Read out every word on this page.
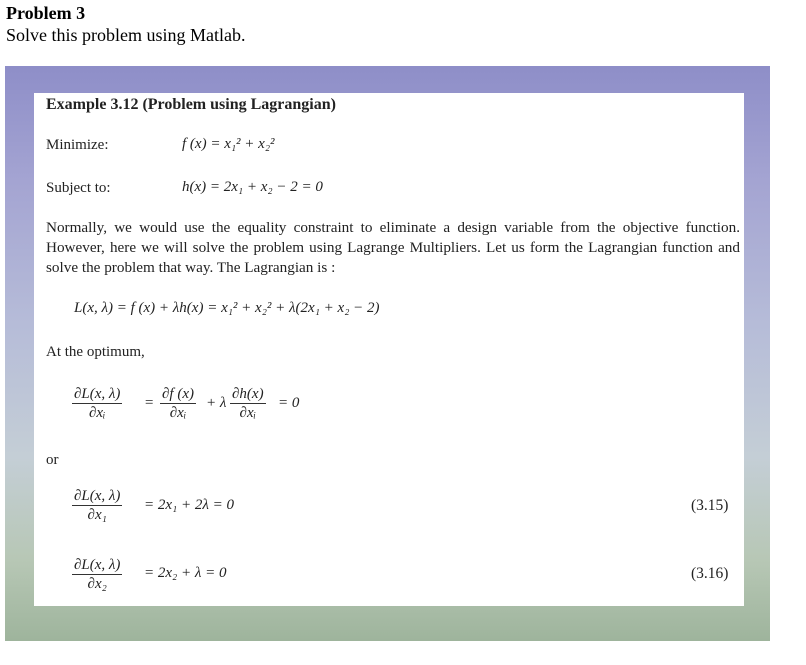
Problem 3
Solve this problem using Matlab.
Example 3.12 (Problem using Lagrangian)
Minimize:	f (x) = x₁² + x₂²
Subject to:	h(x) = 2x₁ + x₂ − 2 = 0
Normally, we would use the equality constraint to eliminate a design variable from the objective function. However, here we will solve the problem using Lagrange Multipliers. Let us form the Lagrangian function and solve the problem that way. The Lagrangian is :
L(x, λ) = f (x) + λh(x) = x₁² + x₂² + λ(2x₁ + x₂ − 2)
At the optimum,
$\frac{\partial L(x, \lambda)}{\text{∂xᵢ}} = \frac{\partial f (x)}{\text{∂xᵢ}} + \lambda \frac{\partial h(x)}{\text{∂xᵢ}} = 0$
or
$\frac{\partial L(x, \lambda)}{\text{∂x₁}} = 2x_1 + 2\lambda = 0$	(3.15)
$\frac{\partial L(x, \lambda)}{\text{∂x₂}} = 2x_2 + \lambda = 0$	(3.16)
